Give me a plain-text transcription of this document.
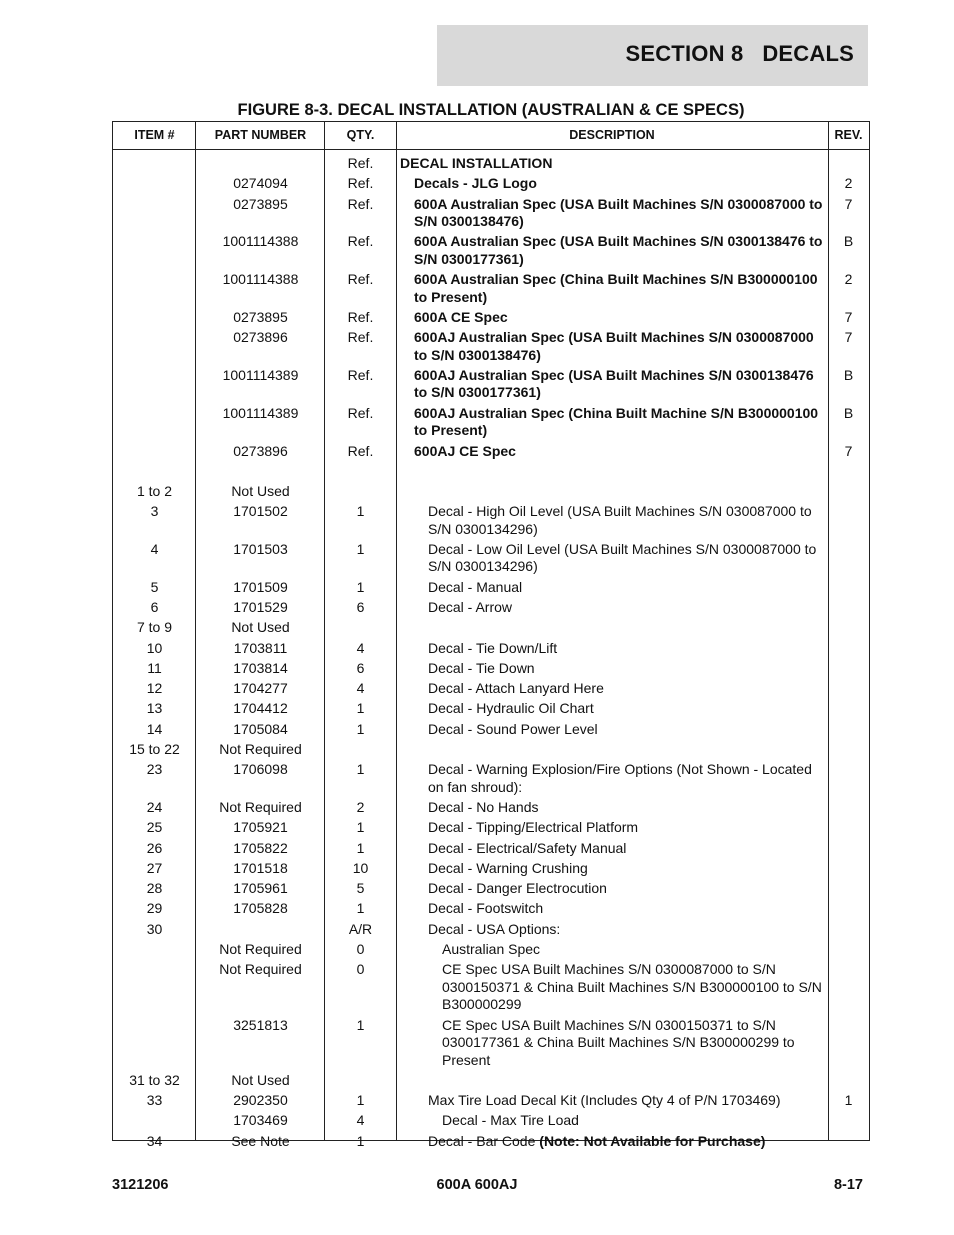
SECTION 8   DECALS
FIGURE 8-3. DECAL INSTALLATION (AUSTRALIAN & CE SPECS)
ITEM #	PART NUMBER	QTY.	DESCRIPTION	REV.
		Ref.	DECAL INSTALLATION	
	0274094	Ref.	Decals - JLG Logo	2
	0273895	Ref.	600A Australian Spec (USA Built Machines S/N 0300087000 to S/N 0300138476)	7
	1001114388	Ref.	600A Australian Spec (USA Built Machines S/N 0300138476 to S/N 0300177361)	B
	1001114388	Ref.	600A Australian Spec (China Built Machines S/N B300000100 to Present)	2
	0273895	Ref.	600A CE Spec	7
	0273896	Ref.	600AJ Australian Spec (USA Built Machines S/N 0300087000 to S/N 0300138476)	7
	1001114389	Ref.	600AJ Australian Spec (USA Built Machines S/N 0300138476 to S/N 0300177361)	B
	1001114389	Ref.	600AJ Australian Spec (China Built Machine S/N B300000100 to Present)	B
	0273896	Ref.	600AJ CE Spec	7

1 to 2	Not Used			
3	1701502	1	Decal - High Oil Level (USA Built Machines S/N 030087000 to S/N 0300134296)	
4	1701503	1	Decal - Low Oil Level (USA Built Machines S/N 0300087000 to S/N 0300134296)	
5	1701509	1	Decal - Manual	
6	1701529	6	Decal - Arrow	
7 to 9	Not Used			
10	1703811	4	Decal - Tie Down/Lift	
11	1703814	6	Decal - Tie Down	
12	1704277	4	Decal - Attach Lanyard Here	
13	1704412	1	Decal - Hydraulic Oil Chart	
14	1705084	1	Decal - Sound Power Level	
15 to 22	Not Required			
23	1706098	1	Decal - Warning Explosion/Fire Options (Not Shown - Located on fan shroud):	
24	Not Required	2	Decal - No Hands	
25	1705921	1	Decal - Tipping/Electrical Platform	
26	1705822	1	Decal - Electrical/Safety Manual	
27	1701518	10	Decal - Warning Crushing	
28	1705961	5	Decal - Danger Electrocution	
29	1705828	1	Decal - Footswitch	
30		A/R	Decal - USA Options:	
	Not Required	0	Australian Spec	
	Not Required	0	CE Spec USA Built Machines S/N 0300087000 to S/N 0300150371 & China Built Machines S/N B300000100 to S/N B300000299	
	3251813	1	CE Spec USA Built Machines S/N 0300150371 to S/N 0300177361 & China Built Machines S/N B300000299 to Present	
31 to 32	Not Used			
33	2902350	1	Max Tire Load Decal Kit (Includes Qty 4 of P/N 1703469)	1
	1703469	4	Decal - Max Tire Load	
34	See Note	1	Decal - Bar Code (Note: Not Available for Purchase)	
3121206	600A 600AJ	8-17
